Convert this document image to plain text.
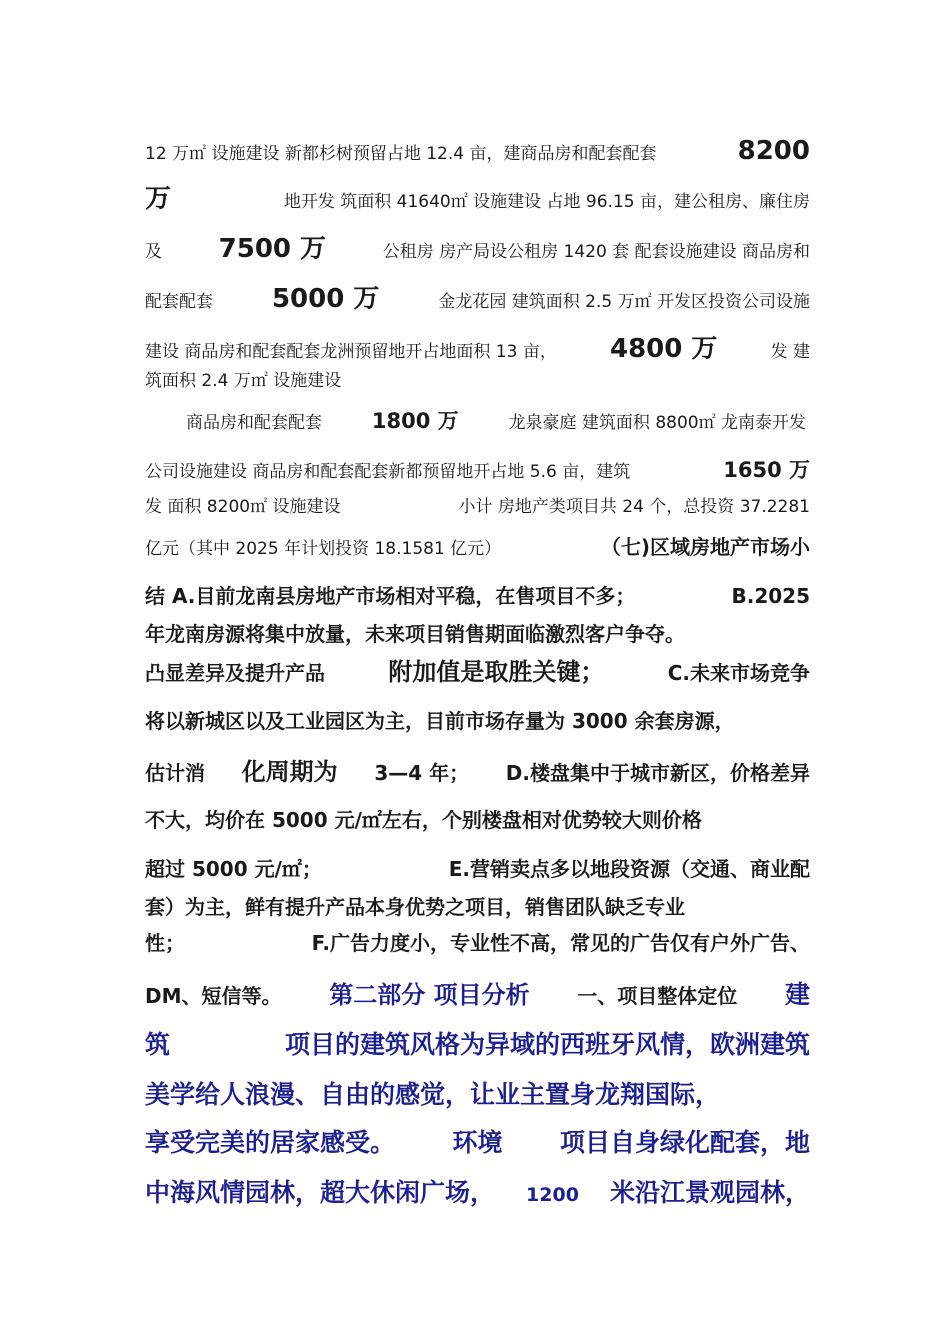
12 万㎡ 设施建设 新都杉树预留占地 12.4 亩，建商品房和配套配套	8200
万	地开发 筑面积 41640㎡ 设施建设 占地 96.15 亩，建公租房、廉住房
及 7500 万	公租房 房产局设公租房 1420 套 配套设施建设 商品房和
配套配套 5000 万	金龙花园 建筑面积 2.5 万㎡ 开发区投资公司设施
建设 商品房和配套配套龙洲预留地开占地面积 13 亩， 4800 万	发 建
筑面积 2.4 万㎡ 设施建设
商品房和配套配套 1800 万	龙泉豪庭 建筑面积 8800㎡ 龙南泰开发
公司设施建设 商品房和配套配套新都预留地开占地 5.6 亩，建筑	1650 万
发 面积 8200㎡ 设施建设	小计 房地产类项目共 24 个，总投资 37.2281
亿元（其中 2025 年计划投资 18.1581 亿元）	（七)区域房地产市场小
结 A.目前龙南县房地产市场相对平稳，在售项目不多；	B.2025
年龙南房源将集中放量，未来项目销售期面临激烈客户争夺。
凸显差异及提升产品	附加值是取胜关键；	C.未来市场竞争
将以新城区以及工业园区为主，目前市场存量为 3000 余套房源，
估计消 化周期为 3—4 年； D.楼盘集中于城市新区，价格差异
不大，均价在 5000 元/㎡左右，个别楼盘相对优势较大则价格
超过 5000 元/㎡；	E.营销卖点多以地段资源（交通、商业配
套）为主，鲜有提升产品本身优势之项目，销售团队缺乏专业
性；	F.广告力度小，专业性不高，常见的广告仅有户外广告、
DM、短信等。 第二部分 项目分析 一、项目整体定位 建
筑	项目的建筑风格为异域的西班牙风情，欧洲建筑
美学给人浪漫、自由的感觉，让业主置身龙翔国际，
享受完美的居家感受。 环境 项目自身绿化配套，地
中海风情园林，超大休闲广场， 1200 米沿江景观园林，
